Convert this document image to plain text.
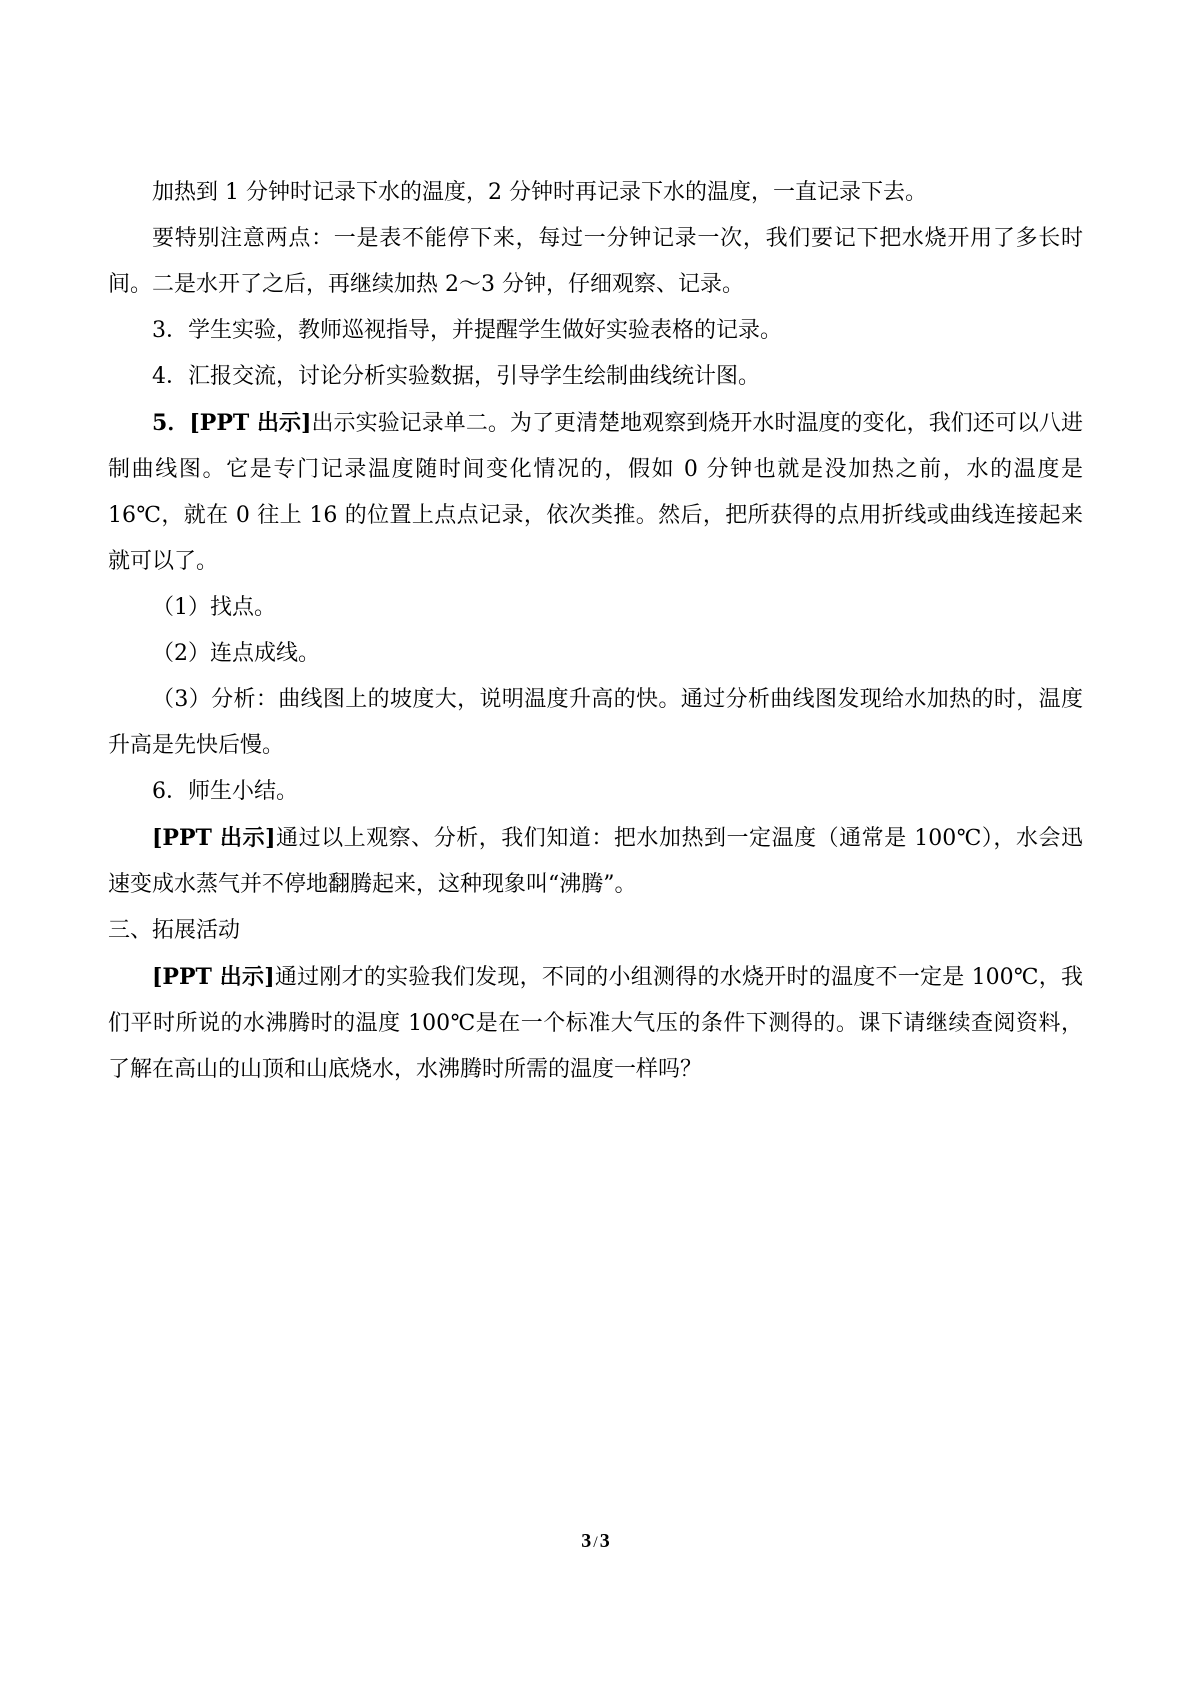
加热到 1 分钟时记录下水的温度，2 分钟时再记录下水的温度，一直记录下去。

要特别注意两点：一是表不能停下来，每过一分钟记录一次，我们要记下把水烧开用了多长时间。二是水开了之后，再继续加热 2～3 分钟，仔细观察、记录。

3．学生实验，教师巡视指导，并提醒学生做好实验表格的记录。

4．汇报交流，讨论分析实验数据，引导学生绘制曲线统计图。

5．[PPT 出示]出示实验记录单二。为了更清楚地观察到烧开水时温度的变化，我们还可以八进制曲线图。它是专门记录温度随时间变化情况的，假如 0 分钟也就是没加热之前，水的温度是 16℃，就在 0 往上 16 的位置上点点记录，依次类推。然后，把所获得的点用折线或曲线连接起来就可以了。

（1）找点。

（2）连点成线。

（3）分析：曲线图上的坡度大，说明温度升高的快。通过分析曲线图发现给水加热的时，温度升高是先快后慢。

6．师生小结。

[PPT 出示]通过以上观察、分析，我们知道：把水加热到一定温度（通常是 100℃），水会迅速变成水蒸气并不停地翻腾起来，这种现象叫“沸腾”。

三、拓展活动

[PPT 出示]通过刚才的实验我们发现，不同的小组测得的水烧开时的温度不一定是 100℃，我们平时所说的水沸腾时的温度 100℃是在一个标准大气压的条件下测得的。课下请继续查阅资料，了解在高山的山顶和山底烧水，水沸腾时所需的温度一样吗？

3 / 3
